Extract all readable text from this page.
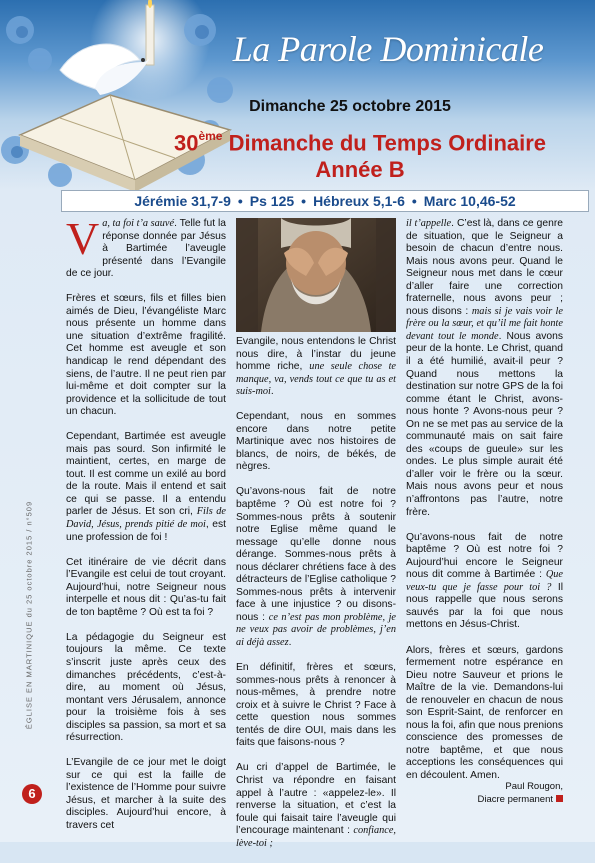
La Parole Dominicale
Dimanche 25 octobre 2015
30ème Dimanche du Temps Ordinaire
Année B
Jérémie 31,7-9 • Ps 125 • Hébreux 5,1-6 • Marc 10,46-52

Va, ta foi t’a sauvé. Telle fut la réponse donnée par Jésus à Bartimée l’aveugle présenté dans l’Evangile de ce jour.

Frères et sœurs, fils et filles bien aimés de Dieu, l’évangéliste Marc nous présente un homme dans une situation d’extrême fragilité. Cet homme est aveugle et son handicap le rend dépendant des siens, de l’autre. Il ne peut rien par lui-même et doit compter sur la providence et la sollicitude de tout un chacun.

Cependant, Bartimée est aveugle mais pas sourd. Son infirmité le maintient, certes, en marge de tout. Il est comme un exilé au bord de la route. Mais il entend et sait ce qui se passe. Il a entendu parler de Jésus. Et son cri, Fils de David, Jésus, prends pitié de moi, est une profession de foi !

Cet itinéraire de vie décrit dans l’Evangile est celui de tout croyant. Aujourd’hui, notre Seigneur nous interpelle et nous dit : Qu’as-tu fait de ton baptême ? Où est ta foi ?

La pédagogie du Seigneur est toujours la même. Ce texte s’inscrit juste après ceux des dimanches précédents, c’est-à-dire, au moment où Jésus, montant vers Jérusalem, annonce pour la troisième fois à ses disciples sa passion, sa mort et sa résurrection.

L’Evangile de ce jour met le doigt sur ce qui est la faille de l’existence de l’Homme pour suivre Jésus, et marcher à la suite des disciples. Aujourd’hui encore, à travers cet

Evangile, nous entendons le Christ nous dire, à l’instar du jeune homme riche, une seule chose te manque, va, vends tout ce que tu as et suis-moi.

Cependant, nous en sommes encore dans notre petite Martinique avec nos histoires de blancs, de noirs, de békés, de nègres.

Qu’avons-nous fait de notre baptême ? Où est notre foi ? Sommes-nous prêts à soutenir notre Eglise même quand le message qu’elle donne nous dérange. Sommes-nous prêts à nous déclarer chrétiens face à des détracteurs de l’Eglise catholique ? Sommes-nous prêts à intervenir face à une injustice ? ou disons-nous : ce n’est pas mon problème, je ne veux pas avoir de problèmes, j’en ai déjà assez.

En définitif, frères et sœurs, sommes-nous prêts à renoncer à nous-mêmes, à prendre notre croix et à suivre le Christ ? Face à cette question nous sommes tentés de dire OUI, mais dans les faits que faisons-nous ?

Au cri d’appel de Bartimée, le Christ va répondre en faisant appel à l’autre : «appelez-le». Il renverse la situation, et c’est la foule qui faisait taire l’aveugle qui l’encourage maintenant : confiance, lève-toi ;

il t’appelle. C’est là, dans ce genre de situation, que le Seigneur a besoin de chacun d’entre nous. Mais nous avons peur. Quand le Seigneur nous met dans le cœur d’aller faire une correction fraternelle, nous avons peur ; nous disons : mais si je vais voir le frère ou la sœur, et qu’il me fait honte devant tout le monde. Nous avons peur de la honte. Le Christ, quand il a été humilié, avait-il peur ? Quand nous mettons la destination sur notre GPS de la foi comme étant le Christ, avons-nous honte ? Avons-nous peur ? On ne se met pas au service de la communauté mais on sait faire des «coups de gueule» sur les ondes. Le plus simple aurait été d’aller voir le frère ou la sœur. Mais nous avons peur et nous n’affrontons pas l’autre, notre frère.

Qu’avons-nous fait de notre baptême ? Où est notre foi ? Aujourd’hui encore le Seigneur nous dit comme à Bartimée : Que veux-tu que je fasse pour toi ? Il nous rappelle que nous serons sauvés par la foi que nous mettons en Jésus-Christ.

Alors, frères et sœurs, gardons fermement notre espérance en Dieu notre Sauveur et prions le Maître de la vie. Demandons-lui de renouveler en chacun de nous son Esprit-Saint, de renforcer en nous la foi, afin que nous prenions conscience des promesses de notre baptême, et que nous acceptions les conséquences qui en découlent. Amen.

Paul Rougon,
Diacre permanent
ÉGLISE EN MARTINIQUE du 25 octobre 2015 / n°509
6
